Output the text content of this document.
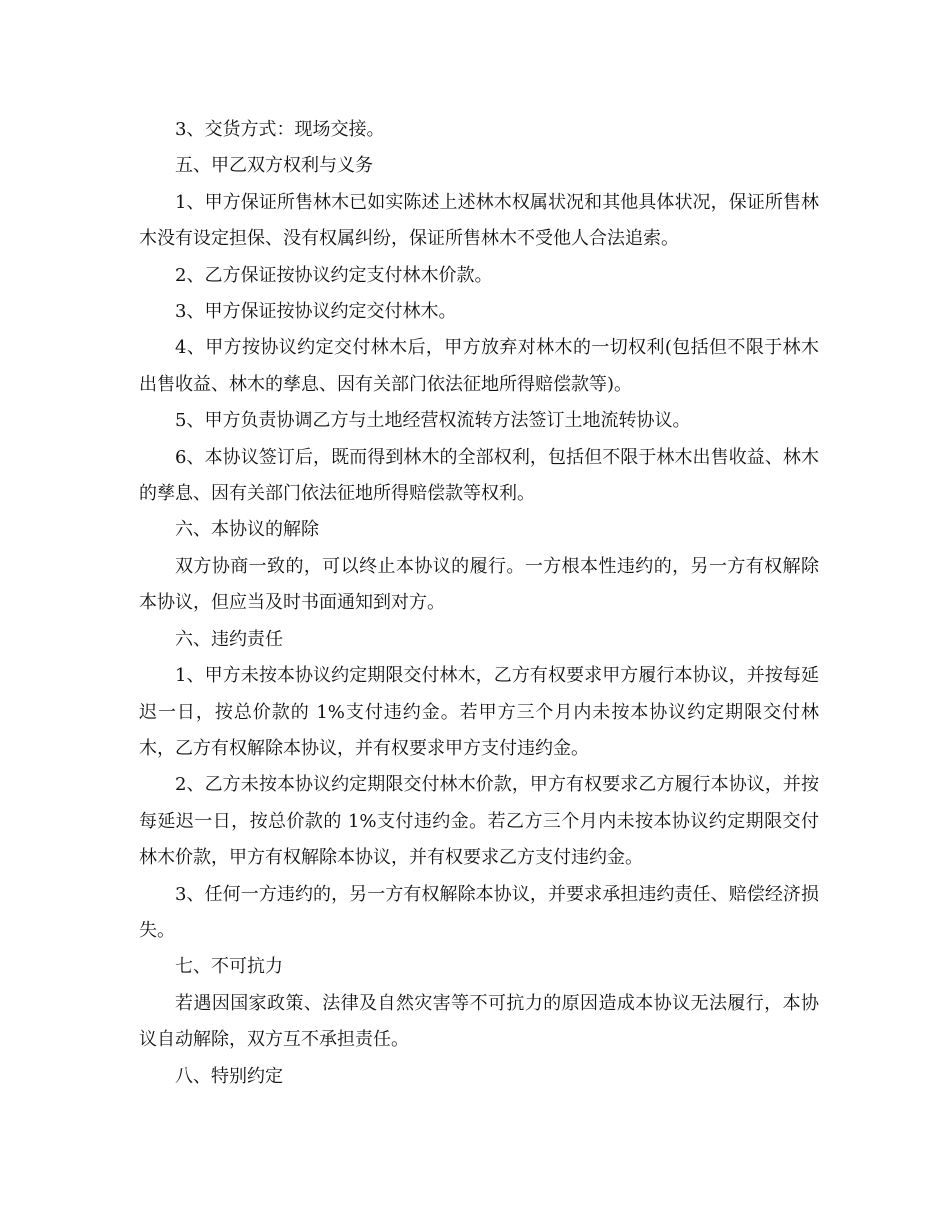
3、交货方式：现场交接。

五、甲乙双方权利与义务

1、甲方保证所售林木已如实陈述上述林木权属状况和其他具体状况，保证所售林木没有设定担保、没有权属纠纷，保证所售林木不受他人合法追索。

2、乙方保证按协议约定支付林木价款。

3、甲方保证按协议约定交付林木。

4、甲方按协议约定交付林木后，甲方放弃对林木的一切权利(包括但不限于林木出售收益、林木的孳息、因有关部门依法征地所得赔偿款等)。

5、甲方负责协调乙方与土地经营权流转方法签订土地流转协议。

6、本协议签订后，既而得到林木的全部权利，包括但不限于林木出售收益、林木的孳息、因有关部门依法征地所得赔偿款等权利。

六、本协议的解除

双方协商一致的，可以终止本协议的履行。一方根本性违约的，另一方有权解除本协议，但应当及时书面通知到对方。

六、违约责任

1、甲方未按本协议约定期限交付林木，乙方有权要求甲方履行本协议，并按每延迟一日，按总价款的 1%支付违约金。若甲方三个月内未按本协议约定期限交付林木，乙方有权解除本协议，并有权要求甲方支付违约金。

2、乙方未按本协议约定期限交付林木价款，甲方有权要求乙方履行本协议，并按每延迟一日，按总价款的 1%支付违约金。若乙方三个月内未按本协议约定期限交付林木价款，甲方有权解除本协议，并有权要求乙方支付违约金。

3、任何一方违约的，另一方有权解除本协议，并要求承担违约责任、赔偿经济损失。

七、不可抗力

若遇因国家政策、法律及自然灾害等不可抗力的原因造成本协议无法履行，本协议自动解除，双方互不承担责任。

八、特别约定
